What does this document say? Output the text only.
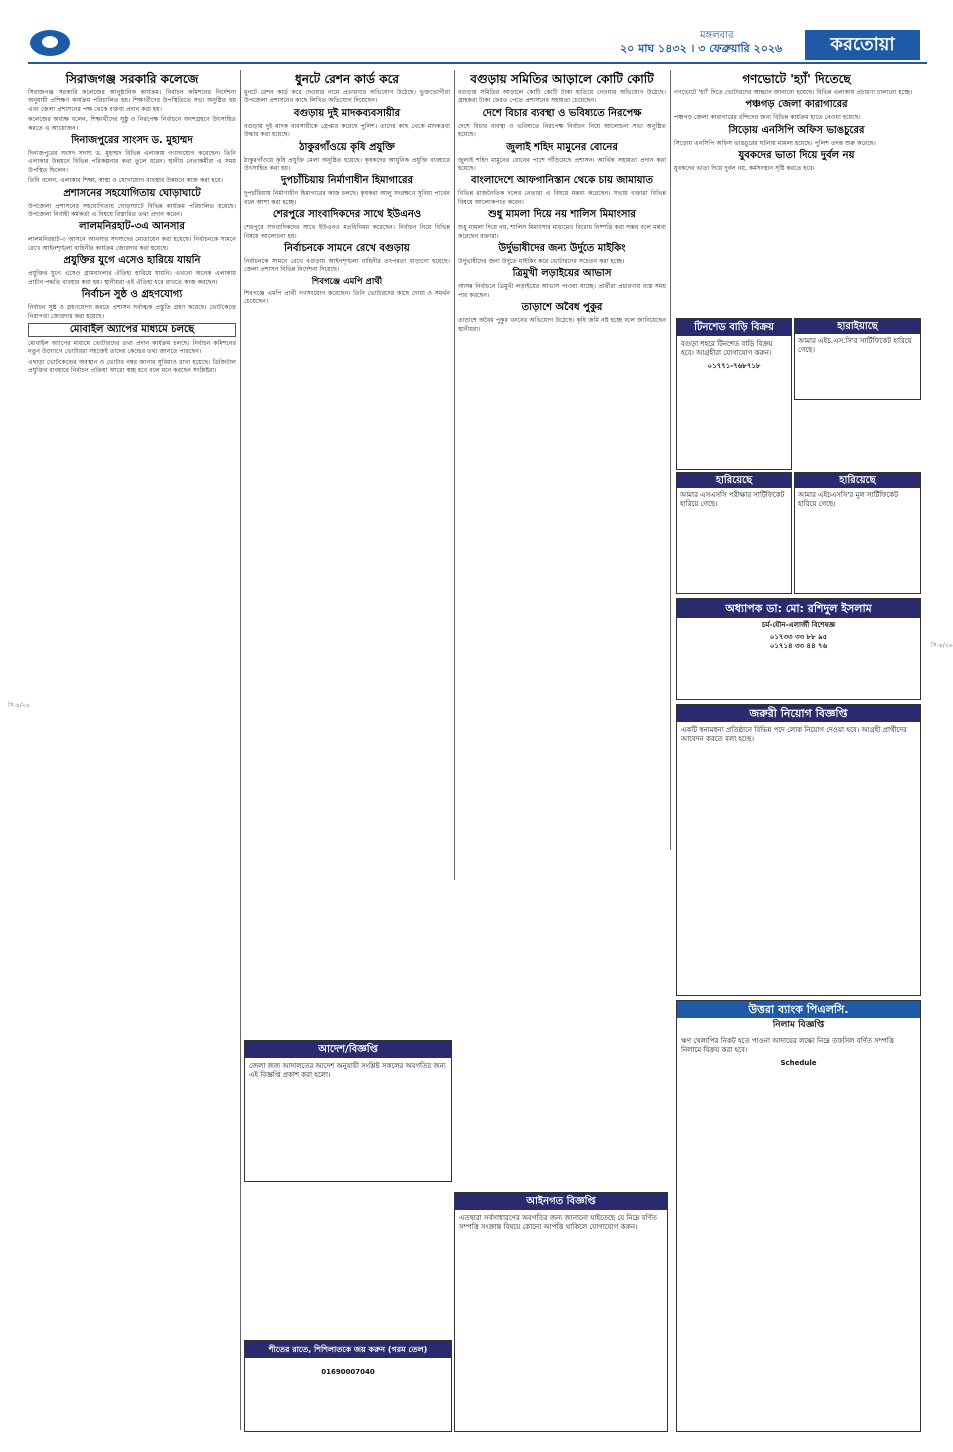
মঙ্গলবার
২০ মাঘ ১৪৩২ । ৩ ফেব্রুয়ারি ২০২৬	করতোয়া
সিরাজগঞ্জ সরকারি কলেজে

সিরাজগঞ্জ সরকারি কলেজের আনুষ্ঠানিক কার্যক্রম। নির্বাচন কমিশনের নির্দেশনা অনুযায়ী প্রশিক্ষণ কার্যক্রম পরিচালিত হয়। শিক্ষার্থীদের উপস্থিতিতে সভা অনুষ্ঠিত হয় এবং জেলা প্রশাসনের পক্ষ থেকে বক্তব্য প্রদান করা হয়।

কলেজের অধ্যক্ষ বলেন, শিক্ষার্থীদের সুষ্ঠু ও নিরপেক্ষ নির্বাচনে অংশগ্রহণে উৎসাহিত করতে এ আয়োজন।

দিনাজপুরের সাংসদ ড. মুহাম্মদ

দিনাজপুরের সংসদ সদস্য ড. মুহাম্মদ বিভিন্ন এলাকায় গণসংযোগ করেছেন। তিনি এলাকার উন্নয়নে বিভিন্ন পরিকল্পনার কথা তুলে ধরেন। স্থানীয় নেতাকর্মীরা এ সময় উপস্থিত ছিলেন।

তিনি বলেন, এলাকার শিক্ষা, স্বাস্থ্য ও যোগাযোগ ব্যবস্থার উন্নয়নে কাজ করা হবে।

প্রশাসনের সহযোগিতায় ঘোড়াঘাটে

উপজেলা প্রশাসনের সহযোগিতায় ঘোড়াঘাটে বিভিন্ন কার্যক্রম পরিচালিত হয়েছে। উপজেলা নির্বাহী কর্মকর্তা এ বিষয়ে বিস্তারিত তথ্য প্রদান করেন।

লালমনিরহাট-৩এ আনসার

লালমনিরহাট-৩ আসনে আনসার সদস্যদের মোতায়েন করা হয়েছে। নির্বাচনকে সামনে রেখে আইনশৃঙ্খলা বাহিনীর কার্যক্রম জোরদার করা হয়েছে।

প্রযুক্তির যুগে এসেও হারিয়ে যায়নি

প্রযুক্তির যুগে এসেও গ্রামবাংলার ঐতিহ্য হারিয়ে যায়নি। এখনো অনেক এলাকায় প্রাচীন পদ্ধতি ব্যবহার করা হয়। স্থানীয়রা এই ঐতিহ্য ধরে রাখতে কাজ করছেন।

নির্বাচন সুষ্ঠ ও গ্রহণযোগ্য

নির্বাচন সুষ্ঠ ও গ্রহণযোগ্য করতে প্রশাসন সর্বাত্মক প্রস্তুতি গ্রহণ করেছে। ভোটকেন্দ্রে নিরাপত্তা জোরদার করা হয়েছে।

মোবাইল অ্যাপের মাধ্যমে চলছে

মোবাইল অ্যাপের মাধ্যমে ভোটারদের তথ্য প্রদান কার্যক্রম চলছে। নির্বাচন কমিশনের নতুন উদ্যোগে ভোটাররা সহজেই তাদের কেন্দ্রের তথ্য জানতে পারছেন।

এছাড়া ভোটকেন্দ্রের অবস্থান ও ভোটার নম্বর জানার সুবিধাও রাখা হয়েছে। ডিজিটাল প্রযুক্তির ব্যবহারে নির্বাচন প্রক্রিয়া আরো স্বচ্ছ হবে বলে মনে করছেন সংশ্লিষ্টরা।

ধুনটে রেশন কার্ড করে

ধুনটে রেশন কার্ড করে দেওয়ার নামে প্রতারণার অভিযোগ উঠেছে। ভুক্তভোগীরা উপজেলা প্রশাসনের কাছে লিখিত অভিযোগ দিয়েছেন।

বগুড়ায় দুই মাদকব্যবসায়ীর

বগুড়ায় দুই মাদক ব্যবসায়ীকে গ্রেপ্তার করেছে পুলিশ। তাদের কাছ থেকে মাদকদ্রব্য উদ্ধার করা হয়েছে।

ঠাকুরগাঁওয়ে কৃষি প্রযুক্তি

ঠাকুরগাঁওয়ে কৃষি প্রযুক্তি মেলা অনুষ্ঠিত হয়েছে। কৃষকদের আধুনিক প্রযুক্তি ব্যবহারে উৎসাহিত করা হয়।

দুপচাঁচিয়ায় নির্মাণাধীন হিমাগারের

দুপচাঁচিয়ায় নির্মাণাধীন হিমাগারের কাজ চলছে। কৃষকরা আলু সংরক্ষণে সুবিধা পাবেন বলে আশা করা হচ্ছে।

শেরপুরে সাংবাদিকদের সাথে ইউএনও

শেরপুরে সাংবাদিকদের সাথে ইউএনও মতবিনিময় করেছেন। নির্বাচন নিয়ে বিভিন্ন বিষয়ে আলোচনা হয়।

নির্বাচনকে সামনে রেখে বগুড়ায়

নির্বাচনকে সামনে রেখে বগুড়ায় আইনশৃঙ্খলা বাহিনীর তৎপরতা বাড়ানো হয়েছে। জেলা প্রশাসন বিভিন্ন নির্দেশনা দিয়েছে।

শিবগঞ্জে এমপি প্রার্থী

শিবগঞ্জে এমপি প্রার্থী গণসংযোগ করেছেন। তিনি ভোটারদের কাছে দোয়া ও সমর্থন চেয়েছেন।

বগুড়ায় সমিতির আড়ালে কোটি কোটি

বগুড়ায় সমিতির আড়ালে কোটি কোটি টাকা হাতিয়ে নেওয়ার অভিযোগ উঠেছে। গ্রাহকরা টাকা ফেরত পেতে প্রশাসনের সহায়তা চেয়েছেন।

দেশে বিচার ব্যবস্থা ও ভবিষ্যতে নিরপেক্ষ

দেশে বিচার ব্যবস্থা ও ভবিষ্যতে নিরপেক্ষ নির্বাচন নিয়ে আলোচনা সভা অনুষ্ঠিত হয়েছে।

জুলাই শহিদ মামুনের বোনের

জুলাই শহিদ মামুনের বোনের পাশে দাঁড়িয়েছে প্রশাসন। আর্থিক সহায়তা প্রদান করা হয়েছে।

বাংলাদেশে আফগানিস্তান থেকে চায় জামায়াত

বিভিন্ন রাজনৈতিক দলের নেতারা এ বিষয়ে মন্তব্য করেছেন। সভায় বক্তারা বিভিন্ন বিষয়ে আলোকপাত করেন।

শুধু মামলা দিয়ে নয় শালিস মিমাংসার

শুধু মামলা দিয়ে নয়, শালিস মিমাংসার মাধ্যমেও বিরোধ নিষ্পত্তি করা সম্ভব বলে মন্তব্য করেছেন বক্তারা।

উর্দুভাষীদের জন্য উর্দুতে মাইকিং

উর্দুভাষীদের জন্য উর্দুতে মাইকিং করে ভোটারদের সচেতন করা হচ্ছে।

ত্রিমুখী লড়াইয়ের আভাস

আসন্ন নির্বাচনে ত্রিমুখী লড়াইয়ের আভাস পাওয়া যাচ্ছে। প্রার্থীরা প্রচারণায় ব্যস্ত সময় পার করছেন।

তাড়াশে অবৈধ পুকুর

তাড়াশে অবৈধ পুকুর খননের অভিযোগ উঠেছে। কৃষি জমি নষ্ট হচ্ছে বলে জানিয়েছেন স্থানীয়রা।

গণভোটে 'হ্যাঁ' দিতেছে

গণভোটে 'হ্যাঁ' দিতে ভোটারদের আহ্বান জানানো হয়েছে। বিভিন্ন এলাকায় প্রচারণা চালানো হচ্ছে।

পঞ্চগড় জেলা কারাগারের

পঞ্চগড় জেলা কারাগারের বন্দিদের জন্য বিভিন্ন কার্যক্রম হাতে নেওয়া হয়েছে।

সিড়োয় এনসিপি অফিস ভাঙচুরের

সিড়োয় এনসিপি অফিস ভাঙচুরের ঘটনায় মামলা হয়েছে। পুলিশ তদন্ত শুরু করেছে।

যুবকদের ভাতা দিয়ে দুর্বল নয়

যুবকদের ভাতা দিয়ে দুর্বল নয়, কর্মসংস্থান সৃষ্টি করতে হবে।

টিনশেড বাড়ি বিক্রয়
বগুড়া শহরে টিনশেড বাড়ি বিক্রয় হবে। আগ্রহীরা যোগাযোগ করুন।
০১৭৭১-৭৬৮৭১৮
হারাইয়াছে
আমার এইচ.এস.সি'র সার্টিফিকেট হারিয়ে গেছে।
হারিয়েছে
আমার এসএসসি পরীক্ষার সার্টিফিকেট হারিয়ে গেছে।
হারিয়েছে
আমার এইচএসসি'র মূল সার্টিফিকেট হারিয়ে গেছে।
অধ্যাপক ডা: মো: রশিদুল ইসলাম
চর্ম-যৌন-এলার্জী বিশেষজ্ঞ
০১৭৩৩ ৩৩ ৮৮ ৯৫
০১৭১৪ ৩৩ ৪৪ ৭৬
জরুরী নিয়োগ বিজ্ঞপ্তি
একটি স্বনামধন্য প্রতিষ্ঠানে বিভিন্ন পদে লোক নিয়োগ দেওয়া হবে। আগ্রহী প্রার্থীদের আবেদন করতে বলা হচ্ছে।
উত্তরা ব্যাংক পিএলসি.
নিলাম বিজ্ঞপ্তি
ঋণ খেলাপির নিকট হতে পাওনা আদায়ের লক্ষ্যে নিম্নে তফসিল বর্ণিত সম্পত্তি নিলামে বিক্রয় করা হবে।
Schedule
আদেশ/বিজ্ঞপ্তি
জেলা জজ আদালতের আদেশ অনুযায়ী সংশ্লিষ্ট সকলের অবগতির জন্য এই বিজ্ঞপ্তি প্রকাশ করা হলো।
আইনগত বিজ্ঞপ্তি
এতদ্বারা সর্বসাধারণের অবগতির জন্য জানানো যাইতেছে যে নিম্নে বর্ণিত সম্পত্তি সংক্রান্ত বিষয়ে কোনো আপত্তি থাকিলে যোগাযোগ করুন।
শীতের রাতে, শিশিলাতকে জয় করুন (গরম তেল)
01690007040
সি-৪/২৬
সি-৪/২৬
